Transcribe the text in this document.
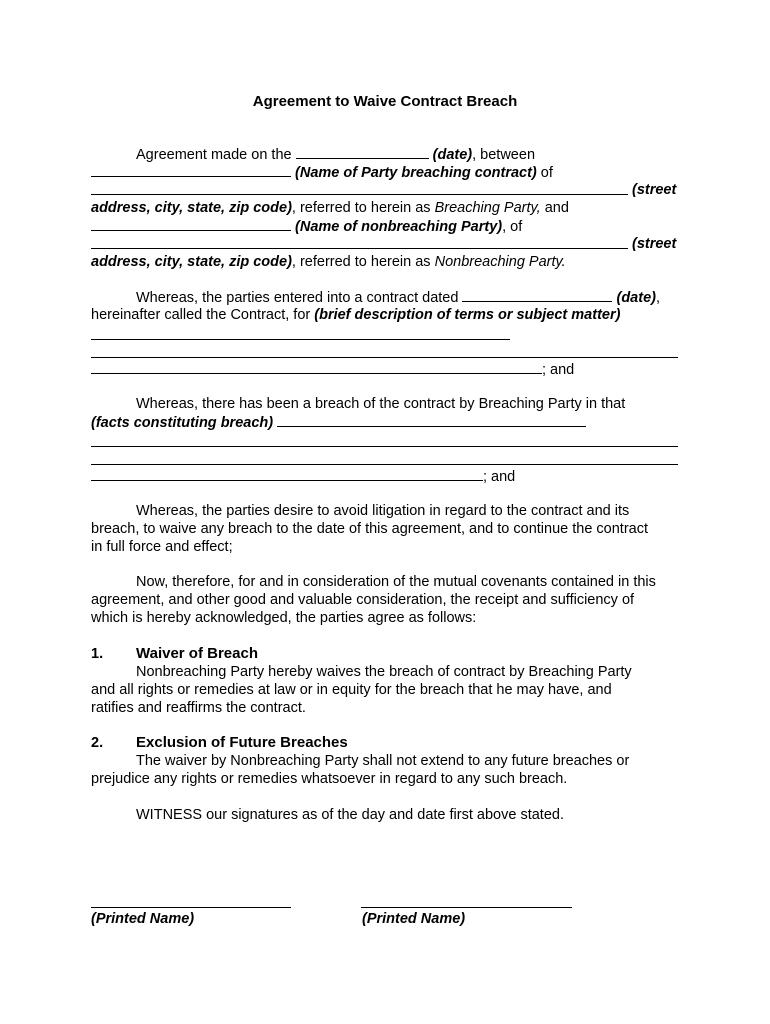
Agreement to Waive Contract Breach
Agreement made on the	(date), between
(Name of Party breaching contract) of
(street
address, city, state, zip code), referred to herein as Breaching Party, and
(Name of nonbreaching Party), of
(street
address, city, state, zip code), referred to herein as Nonbreaching Party.
Whereas, the parties entered into a contract dated	(date),
hereinafter called the Contract, for (brief description of terms or subject matter)
; and
Whereas, there has been a breach of the contract by Breaching Party in that
(facts constituting breach)
; and
Whereas, the parties desire to avoid litigation in regard to the contract and its
breach, to waive any breach to the date of this agreement, and to continue the contract
in full force and effect;
Now, therefore, for and in consideration of the mutual covenants contained in this
agreement, and other good and valuable consideration, the receipt and sufficiency of
which is hereby acknowledged, the parties agree as follows:
1. Waiver of Breach
Nonbreaching Party hereby waives the breach of contract by Breaching Party
and all rights or remedies at law or in equity for the breach that he may have, and
ratifies and reaffirms the contract.
2. Exclusion of Future Breaches
The waiver by Nonbreaching Party shall not extend to any future breaches or
prejudice any rights or remedies whatsoever in regard to any such breach.
WITNESS our signatures as of the day and date first above stated.
(Printed Name)	(Printed Name)
